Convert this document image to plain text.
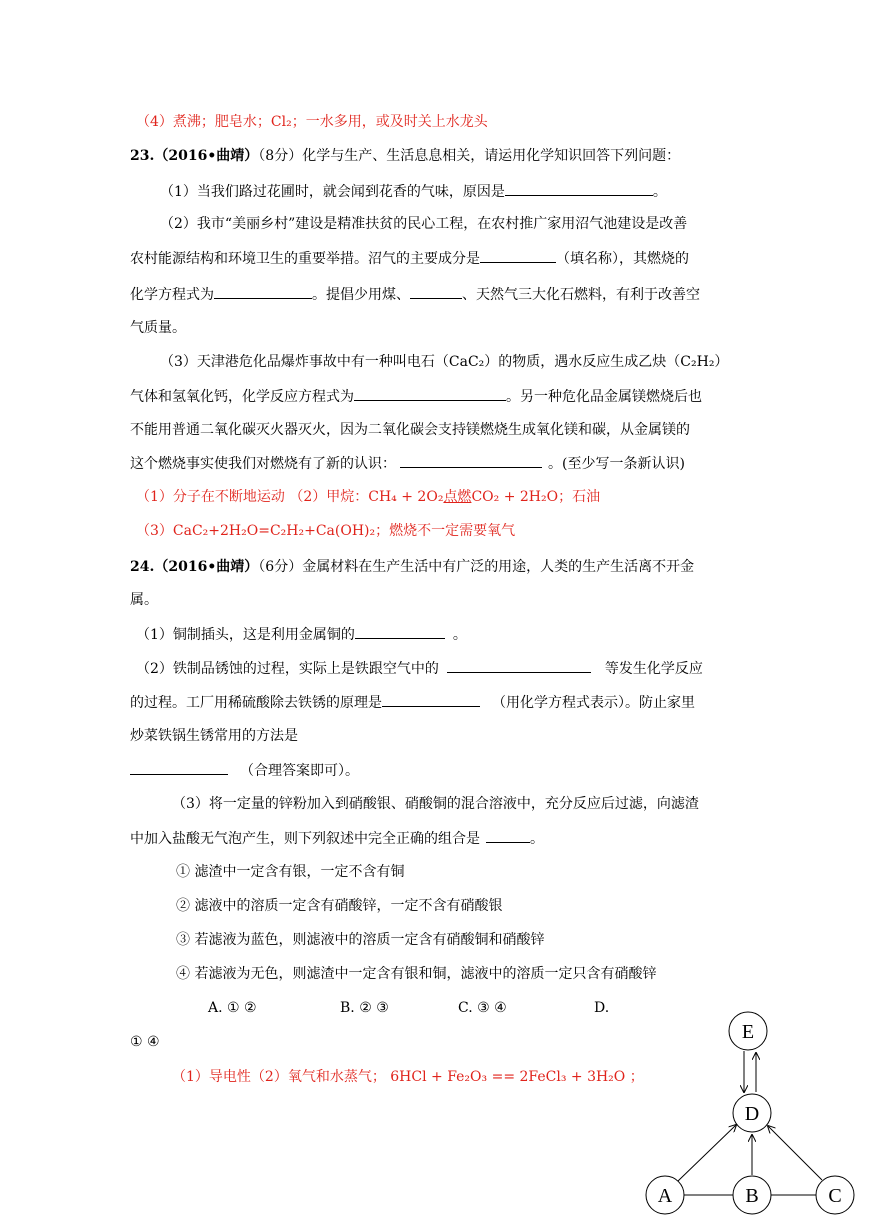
（4）煮沸；肥皂水；Cl₂；一水多用，或及时关上水龙头
23.（2016•曲靖）（8分）化学与生产、生活息息相关，请运用化学知识回答下列问题：
（1）当我们路过花圃时，就会闻到花香的气味，原因是	。
（2）我市“美丽乡村”建设是精准扶贫的民心工程，在农村推广家用沼气池建设是改善
农村能源结构和环境卫生的重要举措。沼气的主要成分是	（填名称），其燃烧的
化学方程式为	。提倡少用煤、	、天然气三大化石燃料，有利于改善空
气质量。
（3）天津港危化品爆炸事故中有一种叫电石（CaC₂）的物质，遇水反应生成乙炔（C₂H₂）
气体和氢氧化钙，化学反应方程式为	。另一种危化品金属镁燃烧后也
不能用普通二氧化碳灭火器灭火，因为二氧化碳会支持镁燃烧生成氧化镁和碳，从金属镁的
这个燃烧事实使我们对燃烧有了新的认识：	。(至少写一条新认识)
（1）分子在不断地运动 （2）甲烷：CH₄ + 2O₂点燃CO₂ + 2H₂O；石油
（3）CaC₂+2H₂O=C₂H₂+Ca(OH)₂；燃烧不一定需要氧气
24.（2016•曲靖）（6分）金属材料在生产生活中有广泛的用途，人类的生产生活离不开金
属。
（1）铜制插头，这是利用金属铜的	。
（2）铁制品锈蚀的过程，实际上是铁跟空气中的	等发生化学反应
的过程。工厂用稀硫酸除去铁锈的原理是	（用化学方程式表示）。防止家里
炒菜铁锅生锈常用的方法是
（合理答案即可）。
（3）将一定量的锌粉加入到硝酸银、硝酸铜的混合溶液中，充分反应后过滤，向滤渣
中加入盐酸无气泡产生，则下列叙述中完全正确的组合是	。
① 滤渣中一定含有银，一定不含有铜
② 滤液中的溶质一定含有硝酸锌，一定不含有硝酸银
③ 若滤液为蓝色，则滤液中的溶质一定含有硝酸铜和硝酸锌
④ 若滤液为无色，则滤渣中一定含有银和铜，滤液中的溶质一定只含有硝酸锌
A. ① ②	B. ② ③	C. ③ ④	D.
① ④
（1）导电性（2）氧气和水蒸气； 6HCl + Fe₂O₃ == 2FeCl₃ + 3H₂O ；
E
D
A	B	C
